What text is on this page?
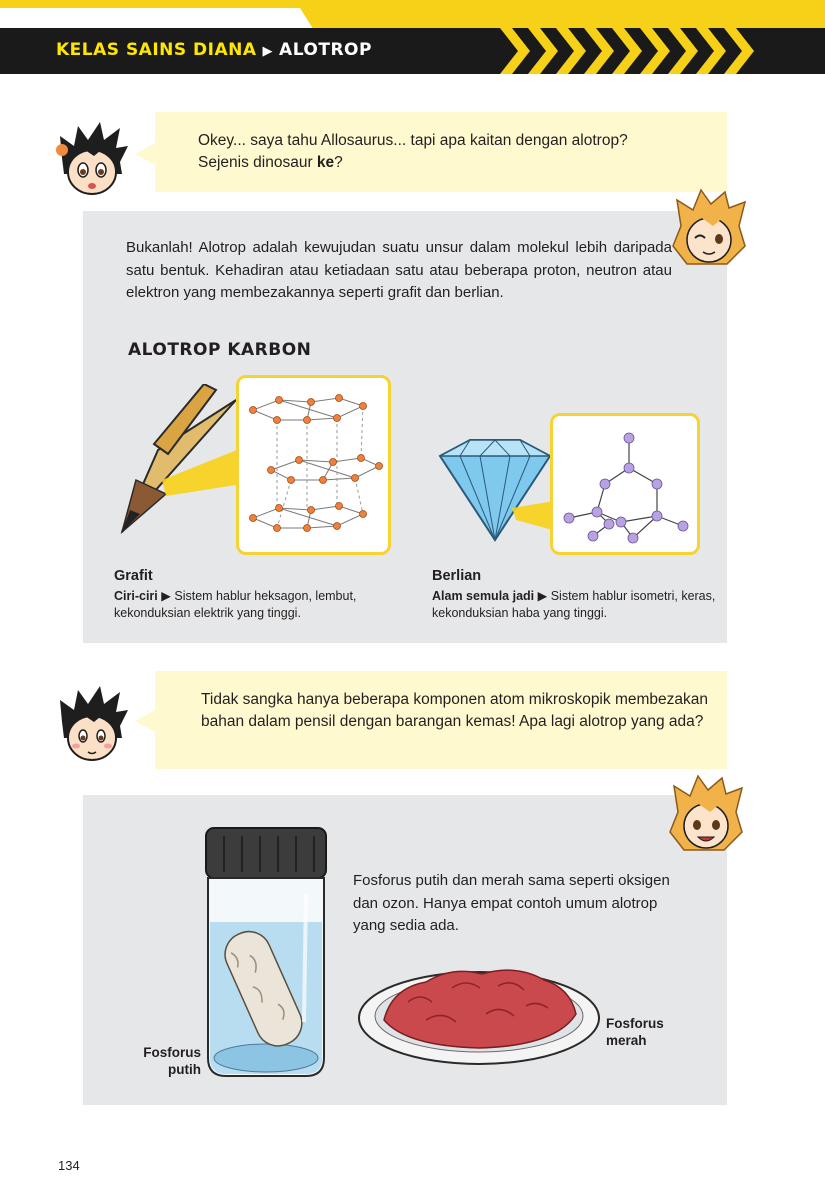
KELAS SAINS DIANA ▶ ALOTROP
Okey... saya tahu Allosaurus... tapi apa kaitan dengan alotrop?
Sejenis dinosaur ke?
Bukanlah! Alotrop adalah kewujudan suatu unsur dalam molekul lebih daripada satu bentuk. Kehadiran atau ketiadaan satu atau beberapa proton, neutron atau elektron yang membezakannya seperti grafit dan berlian.
ALOTROP KARBON
Grafit
Ciri-ciri ▶ Sistem hablur heksagon, lembut, kekonduksian elektrik yang tinggi.
Berlian
Alam semula jadi ▶ Sistem hablur isometri, keras, kekonduksian haba yang tinggi.
Tidak sangka hanya beberapa komponen atom mikroskopik membezakan bahan dalam pensil dengan barangan kemas! Apa lagi alotrop yang ada?
Fosforus putih dan merah sama seperti oksigen dan ozon. Hanya empat contoh umum alotrop yang sedia ada.
Fosforus
putih
Fosforus
merah
134
